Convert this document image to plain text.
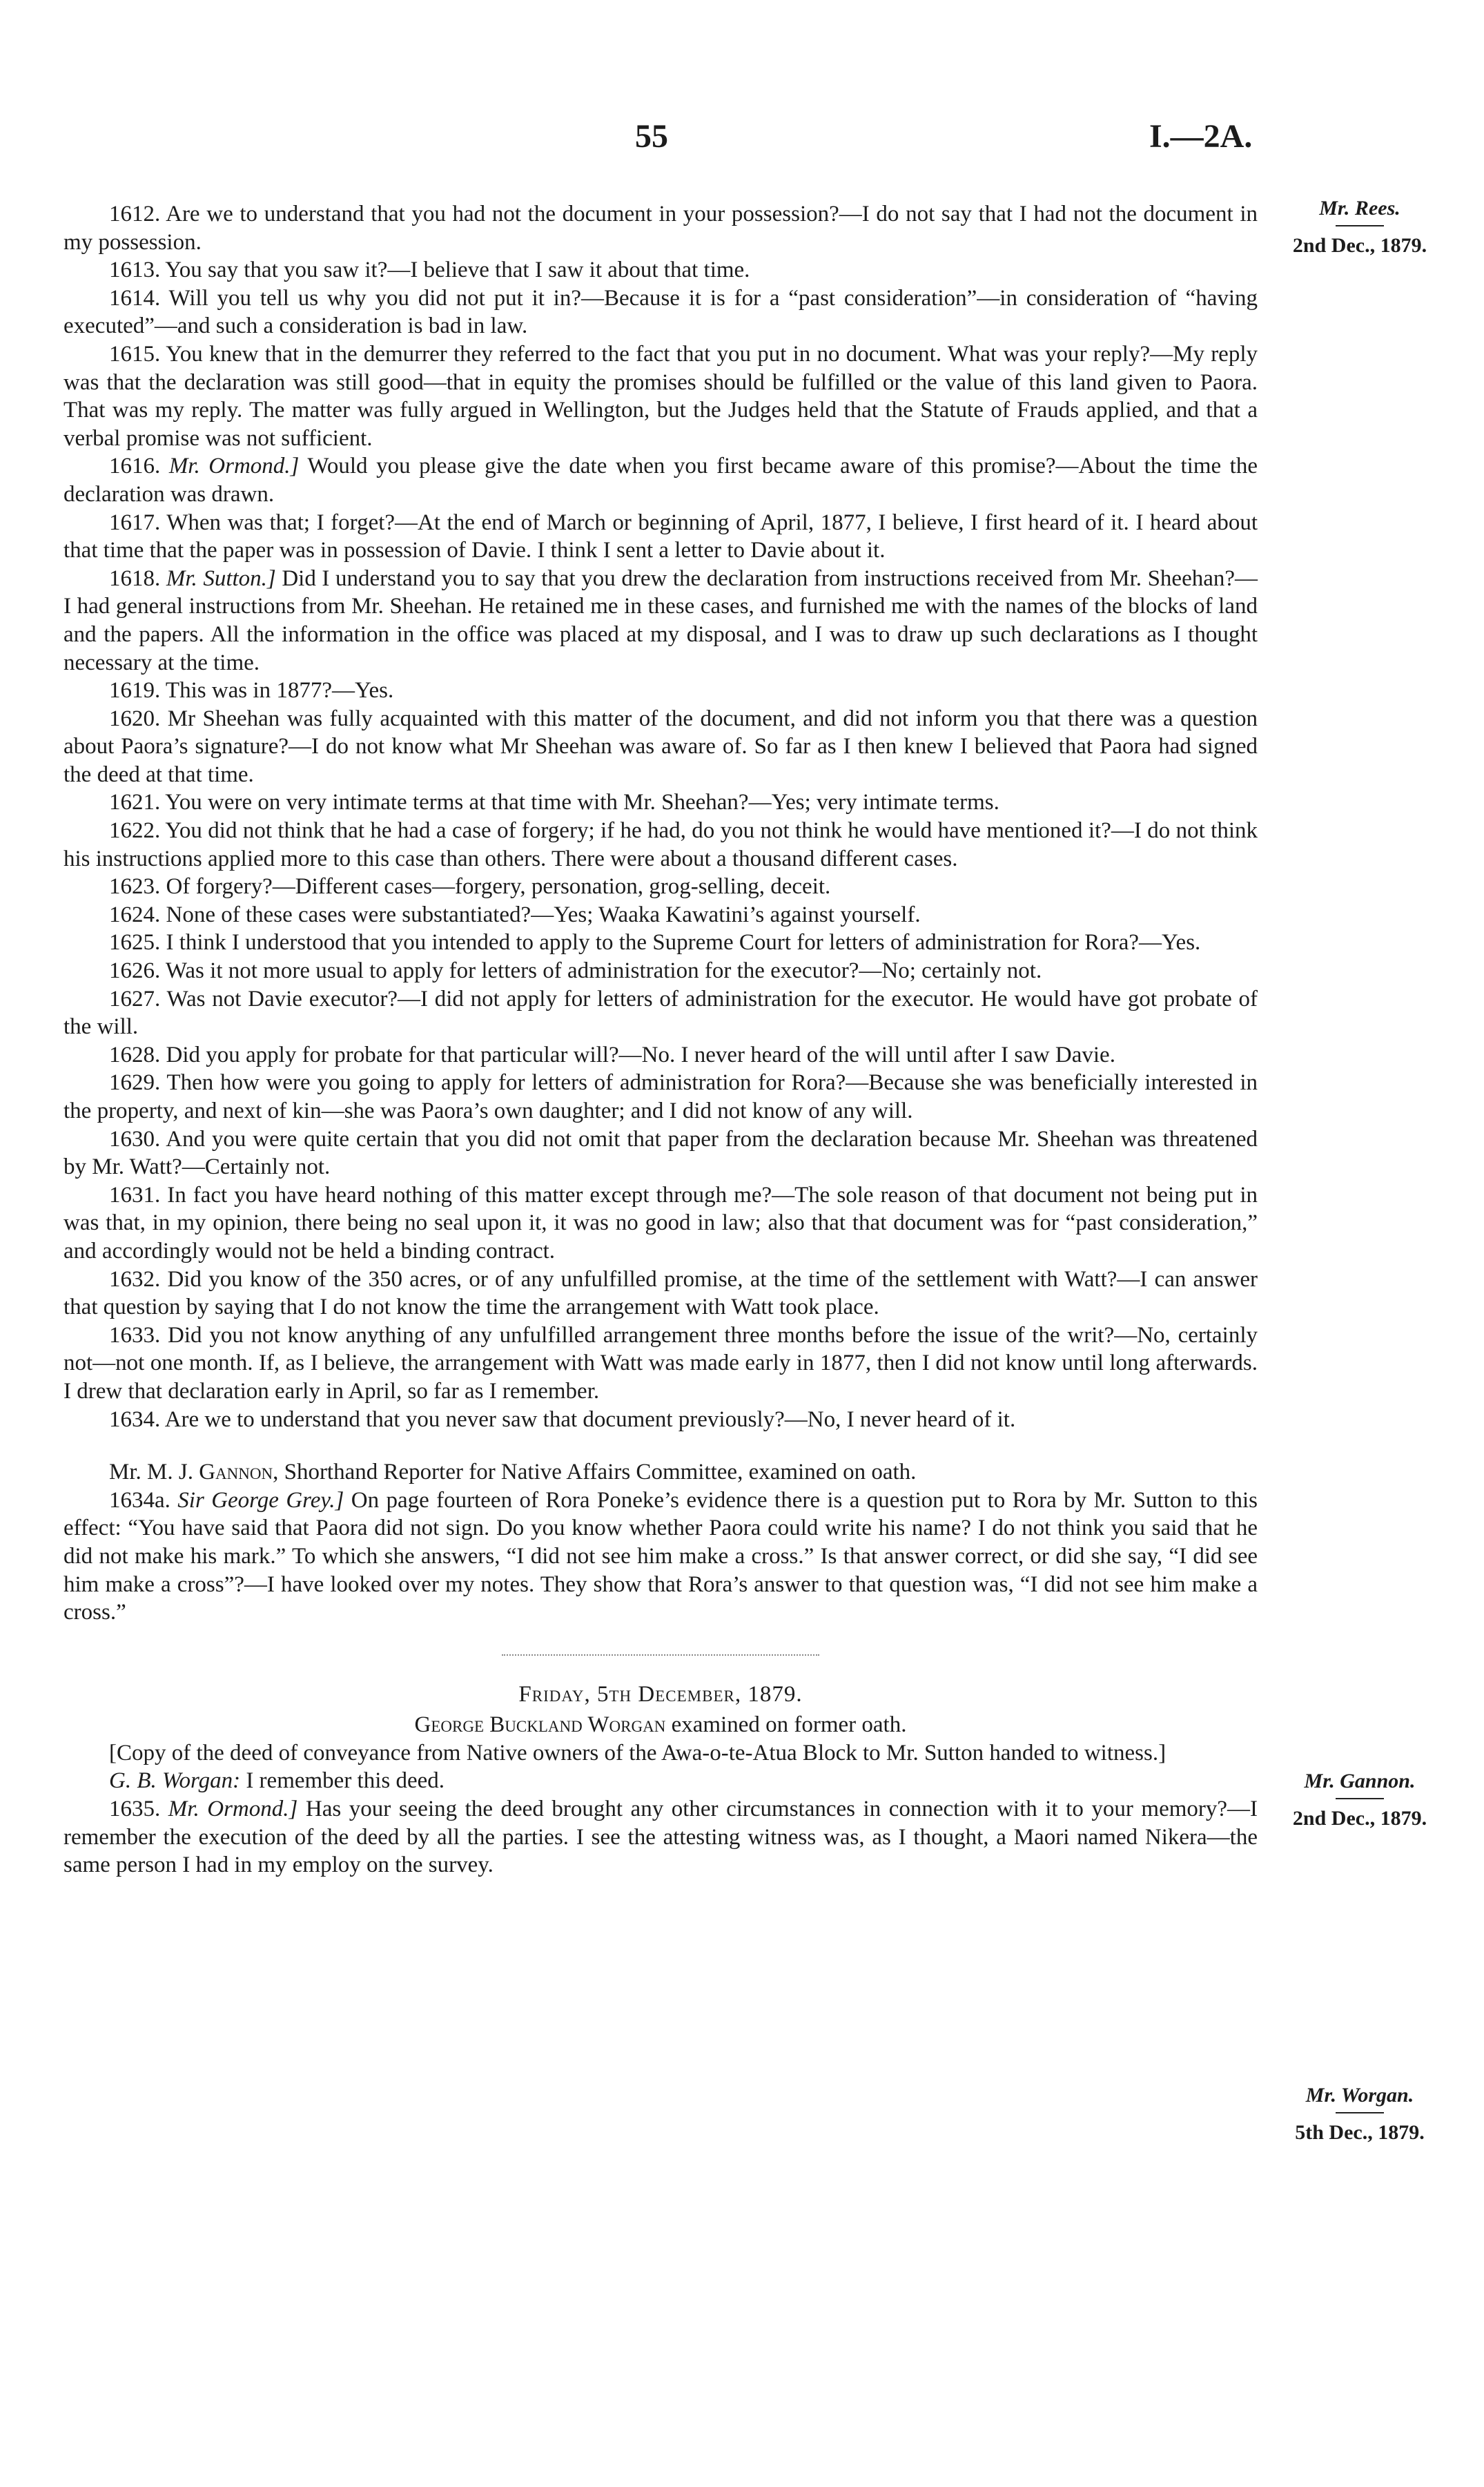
55	I.—2A.
Mr. Rees.
2nd Dec., 1879.
Mr. Gannon.
2nd Dec., 1879.
Mr. Worgan.
5th Dec., 1879.

1612. Are we to understand that you had not the document in your possession?—I do not say that I had not the document in my possession.

1613. You say that you saw it?—I believe that I saw it about that time.

1614. Will you tell us why you did not put it in?—Because it is for a “past consideration”—in consideration of “having executed”—and such a consideration is bad in law.

1615. You knew that in the demurrer they referred to the fact that you put in no document. What was your reply?—My reply was that the declaration was still good—that in equity the promises should be fulfilled or the value of this land given to Paora. That was my reply. The matter was fully argued in Wellington, but the Judges held that the Statute of Frauds applied, and that a verbal promise was not sufficient.

1616. Mr. Ormond.] Would you please give the date when you first became aware of this promise?—About the time the declaration was drawn.

1617. When was that; I forget?—At the end of March or beginning of April, 1877, I believe, I first heard of it. I heard about that time that the paper was in possession of Davie. I think I sent a letter to Davie about it.

1618. Mr. Sutton.] Did I understand you to say that you drew the declaration from instructions received from Mr. Sheehan?—I had general instructions from Mr. Sheehan. He retained me in these cases, and furnished me with the names of the blocks of land and the papers. All the information in the office was placed at my disposal, and I was to draw up such declarations as I thought necessary at the time.

1619. This was in 1877?—Yes.

1620. Mr Sheehan was fully acquainted with this matter of the document, and did not inform you that there was a question about Paora’s signature?—I do not know what Mr Sheehan was aware of. So far as I then knew I believed that Paora had signed the deed at that time.

1621. You were on very intimate terms at that time with Mr. Sheehan?—Yes; very intimate terms.

1622. You did not think that he had a case of forgery; if he had, do you not think he would have mentioned it?—I do not think his instructions applied more to this case than others. There were about a thousand different cases.

1623. Of forgery?—Different cases—forgery, personation, grog-selling, deceit.

1624. None of these cases were substantiated?—Yes; Waaka Kawatini’s against yourself.

1625. I think I understood that you intended to apply to the Supreme Court for letters of administration for Rora?—Yes.

1626. Was it not more usual to apply for letters of administration for the executor?—No; certainly not.

1627. Was not Davie executor?—I did not apply for letters of administration for the executor. He would have got probate of the will.

1628. Did you apply for probate for that particular will?—No. I never heard of the will until after I saw Davie.

1629. Then how were you going to apply for letters of administration for Rora?—Because she was beneficially interested in the property, and next of kin—she was Paora’s own daughter; and I did not know of any will.

1630. And you were quite certain that you did not omit that paper from the declaration because Mr. Sheehan was threatened by Mr. Watt?—Certainly not.

1631. In fact you have heard nothing of this matter except through me?—The sole reason of that document not being put in was that, in my opinion, there being no seal upon it, it was no good in law; also that that document was for “past consideration,” and accordingly would not be held a binding contract.

1632. Did you know of the 350 acres, or of any unfulfilled promise, at the time of the settlement with Watt?—I can answer that question by saying that I do not know the time the arrangement with Watt took place.

1633. Did you not know anything of any unfulfilled arrangement three months before the issue of the writ?—No, certainly not—not one month. If, as I believe, the arrangement with Watt was made early in 1877, then I did not know until long afterwards. I drew that declaration early in April, so far as I remember.

1634. Are we to understand that you never saw that document previously?—No, I never heard of it.

Mr. M. J. Gannon, Shorthand Reporter for Native Affairs Committee, examined on oath.

1634a. Sir George Grey.] On page fourteen of Rora Poneke’s evidence there is a question put to Rora by Mr. Sutton to this effect: “You have said that Paora did not sign. Do you know whether Paora could write his name? I do not think you said that he did not make his mark.” To which she answers, “I did not see him make a cross.” Is that answer correct, or did she say, “I did see him make a cross”?—I have looked over my notes. They show that Rora’s answer to that question was, “I did not see him make a cross.”

Friday, 5th December, 1879.

George Buckland Worgan examined on former oath.

[Copy of the deed of conveyance from Native owners of the Awa-o-te-Atua Block to Mr. Sutton handed to witness.]

G. B. Worgan: I remember this deed.

1635. Mr. Ormond.] Has your seeing the deed brought any other circumstances in connection with it to your memory?—I remember the execution of the deed by all the parties. I see the attesting witness was, as I thought, a Maori named Nikera—the same person I had in my employ on the survey.
